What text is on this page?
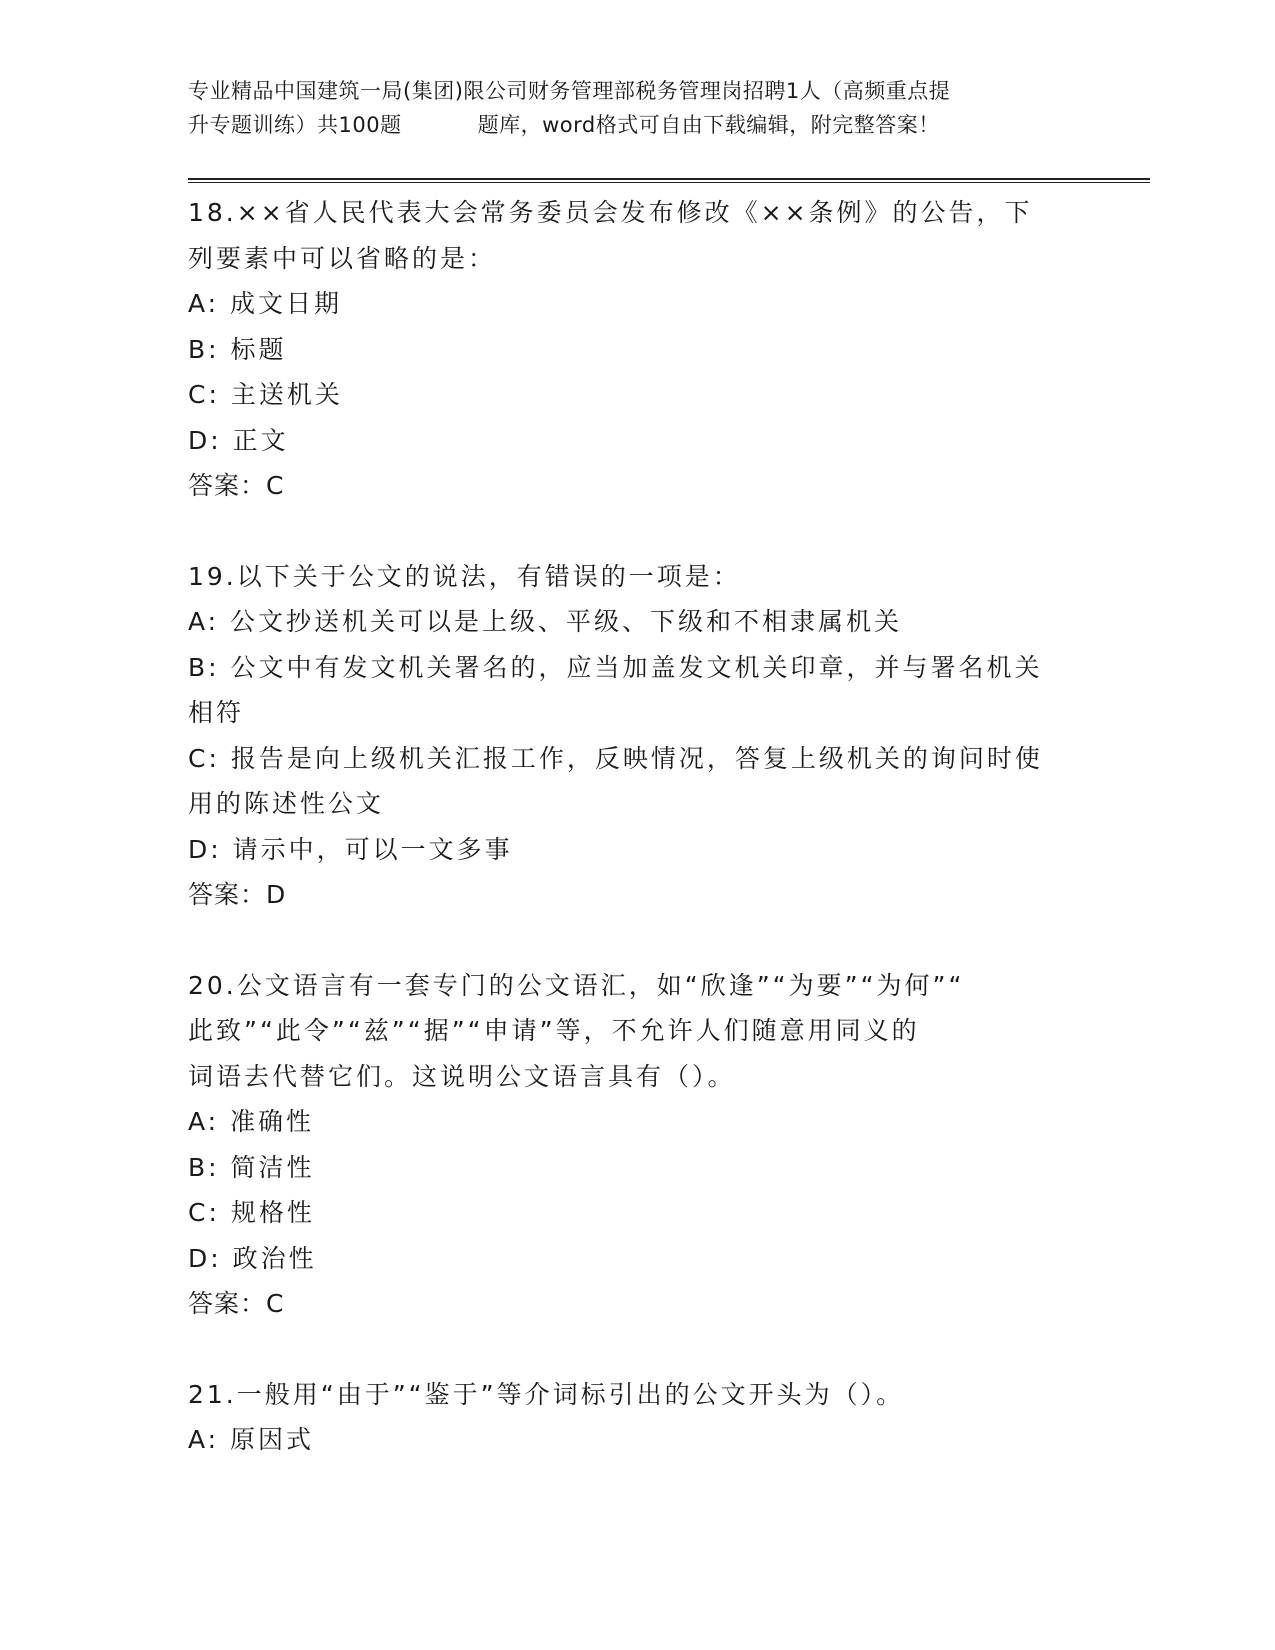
专业精品中国建筑一局(集团)限公司财务管理部税务管理岗招聘1人（高频重点提
升专题训练）共100题	题库，word格式可自由下载编辑，附完整答案！
18.××省人民代表大会常务委员会发布修改《××条例》的公告，下
列要素中可以省略的是：
A: 成文日期
B: 标题
C: 主送机关
D: 正文
答案：C
19.以下关于公文的说法，有错误的一项是：
A: 公文抄送机关可以是上级、平级、下级和不相隶属机关
B: 公文中有发文机关署名的，应当加盖发文机关印章，并与署名机关
相符
C: 报告是向上级机关汇报工作，反映情况，答复上级机关的询问时使
用的陈述性公文
D: 请示中，可以一文多事
答案：D
20.公文语言有一套专门的公文语汇，如“欣逢”“为要”“为何”“
此致”“此令”“兹”“据”“申请”等，不允许人们随意用同义的
词语去代替它们。这说明公文语言具有（）。
A: 准确性
B: 简洁性
C: 规格性
D: 政治性
答案：C
21.一般用“由于”“鉴于”等介词标引出的公文开头为（）。
A: 原因式
